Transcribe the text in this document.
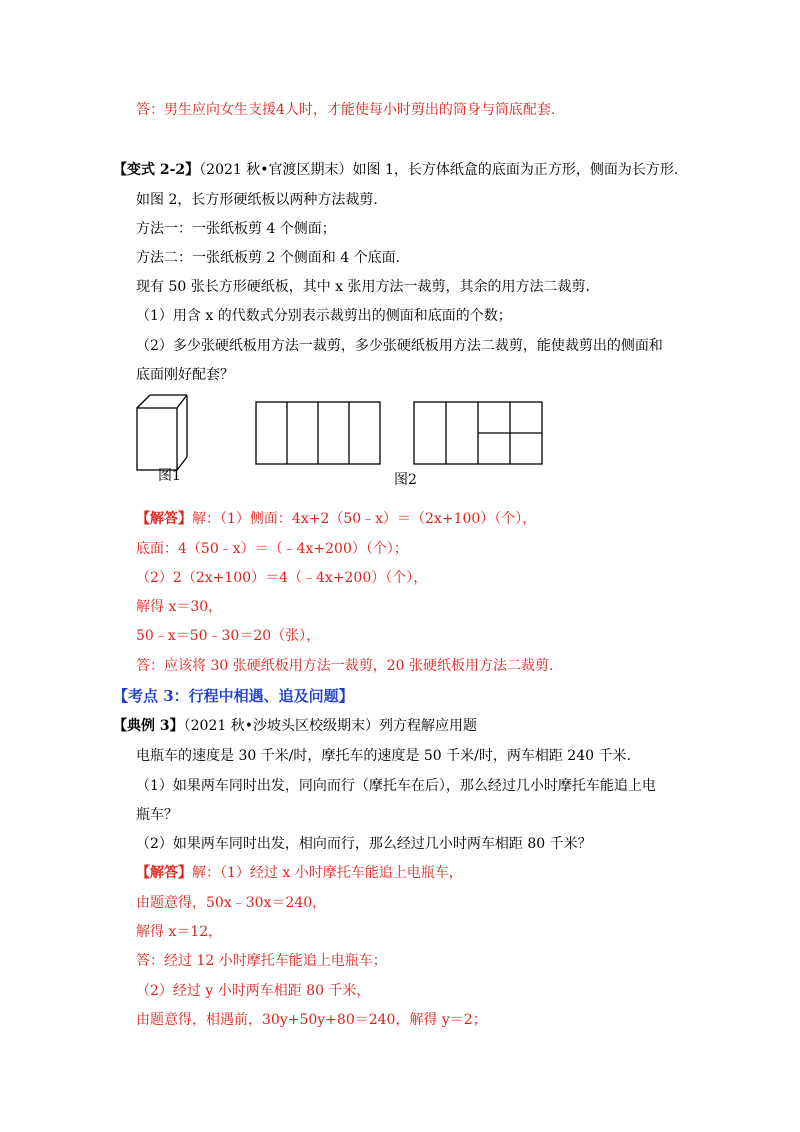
答：男生应向女生支援4人时，才能使每小时剪出的筒身与筒底配套.
【变式 2-2】（2021 秋•官渡区期末）如图 1，长方体纸盒的底面为正方形，侧面为长方形.
如图 2，长方形硬纸板以两种方法裁剪.
方法一：一张纸板剪 4 个侧面；
方法二：一张纸板剪 2 个侧面和 4 个底面.
现有 50 张长方形硬纸板，其中 x 张用方法一裁剪，其余的用方法二裁剪.
（1）用含 x 的代数式分别表示裁剪出的侧面和底面的个数；
（2）多少张硬纸板用方法一裁剪，多少张硬纸板用方法二裁剪，能使裁剪出的侧面和
底面刚好配套？
图1	图2
【解答】解：（1）侧面：4x+2（50﹣x）＝（2x+100）（个），
底面：4（50﹣x）＝（﹣4x+200）（个）；
（2）2（2x+100）＝4（﹣4x+200）（个），
解得 x＝30，
50﹣x＝50﹣30＝20（张），
答：应该将 30 张硬纸板用方法一裁剪，20 张硬纸板用方法二裁剪.
【考点 3：行程中相遇、追及问题】
【典例 3】（2021 秋•沙坡头区校级期末）列方程解应用题
电瓶车的速度是 30 千米/时，摩托车的速度是 50 千米/时，两车相距 240 千米.
（1）如果两车同时出发，同向而行（摩托车在后），那么经过几小时摩托车能追上电
瓶车？
（2）如果两车同时出发，相向而行，那么经过几小时两车相距 80 千米？
【解答】解：（1）经过 x 小时摩托车能追上电瓶车，
由题意得，50x﹣30x＝240，
解得 x＝12，
答：经过 12 小时摩托车能追上电瓶车；
（2）经过 y 小时两车相距 80 千米，
由题意得，相遇前，30y+50y+80＝240，解得 y＝2；
